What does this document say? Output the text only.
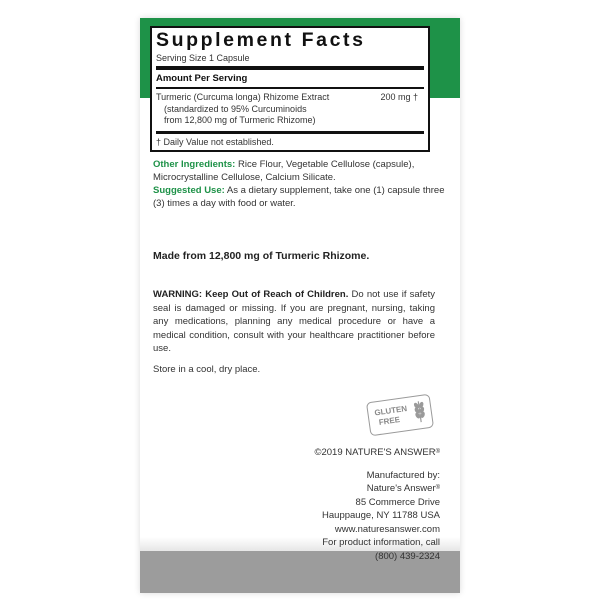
Supplement Facts
Serving Size 1 Capsule
Amount Per Serving
Turmeric (Curcuma longa) Rhizome Extract
(standardized to 95% Curcuminoids
from 12,800 mg of Turmeric Rhizome)
200 mg †
† Daily Value not established.
Other Ingredients: Rice Flour, Vegetable Cellulose (capsule), Microcrystalline Cellulose, Calcium Silicate.
Suggested Use: As a dietary supplement, take one (1) capsule three (3) times a day with food or water.
Made from 12,800 mg of Turmeric Rhizome.
WARNING: Keep Out of Reach of Children. Do not use if safety seal is damaged or missing. If you are pregnant, nursing, taking any medications, planning any medical procedure or have a medical condition, consult with your healthcare practitioner before use.
Store in a cool, dry place.
GLUTEN
FREE
©2019 NATURE'S ANSWER®
Manufactured by:
Nature's Answer®
85 Commerce Drive
Hauppauge, NY 11788 USA
www.naturesanswer.com
For product information, call
(800) 439-2324
